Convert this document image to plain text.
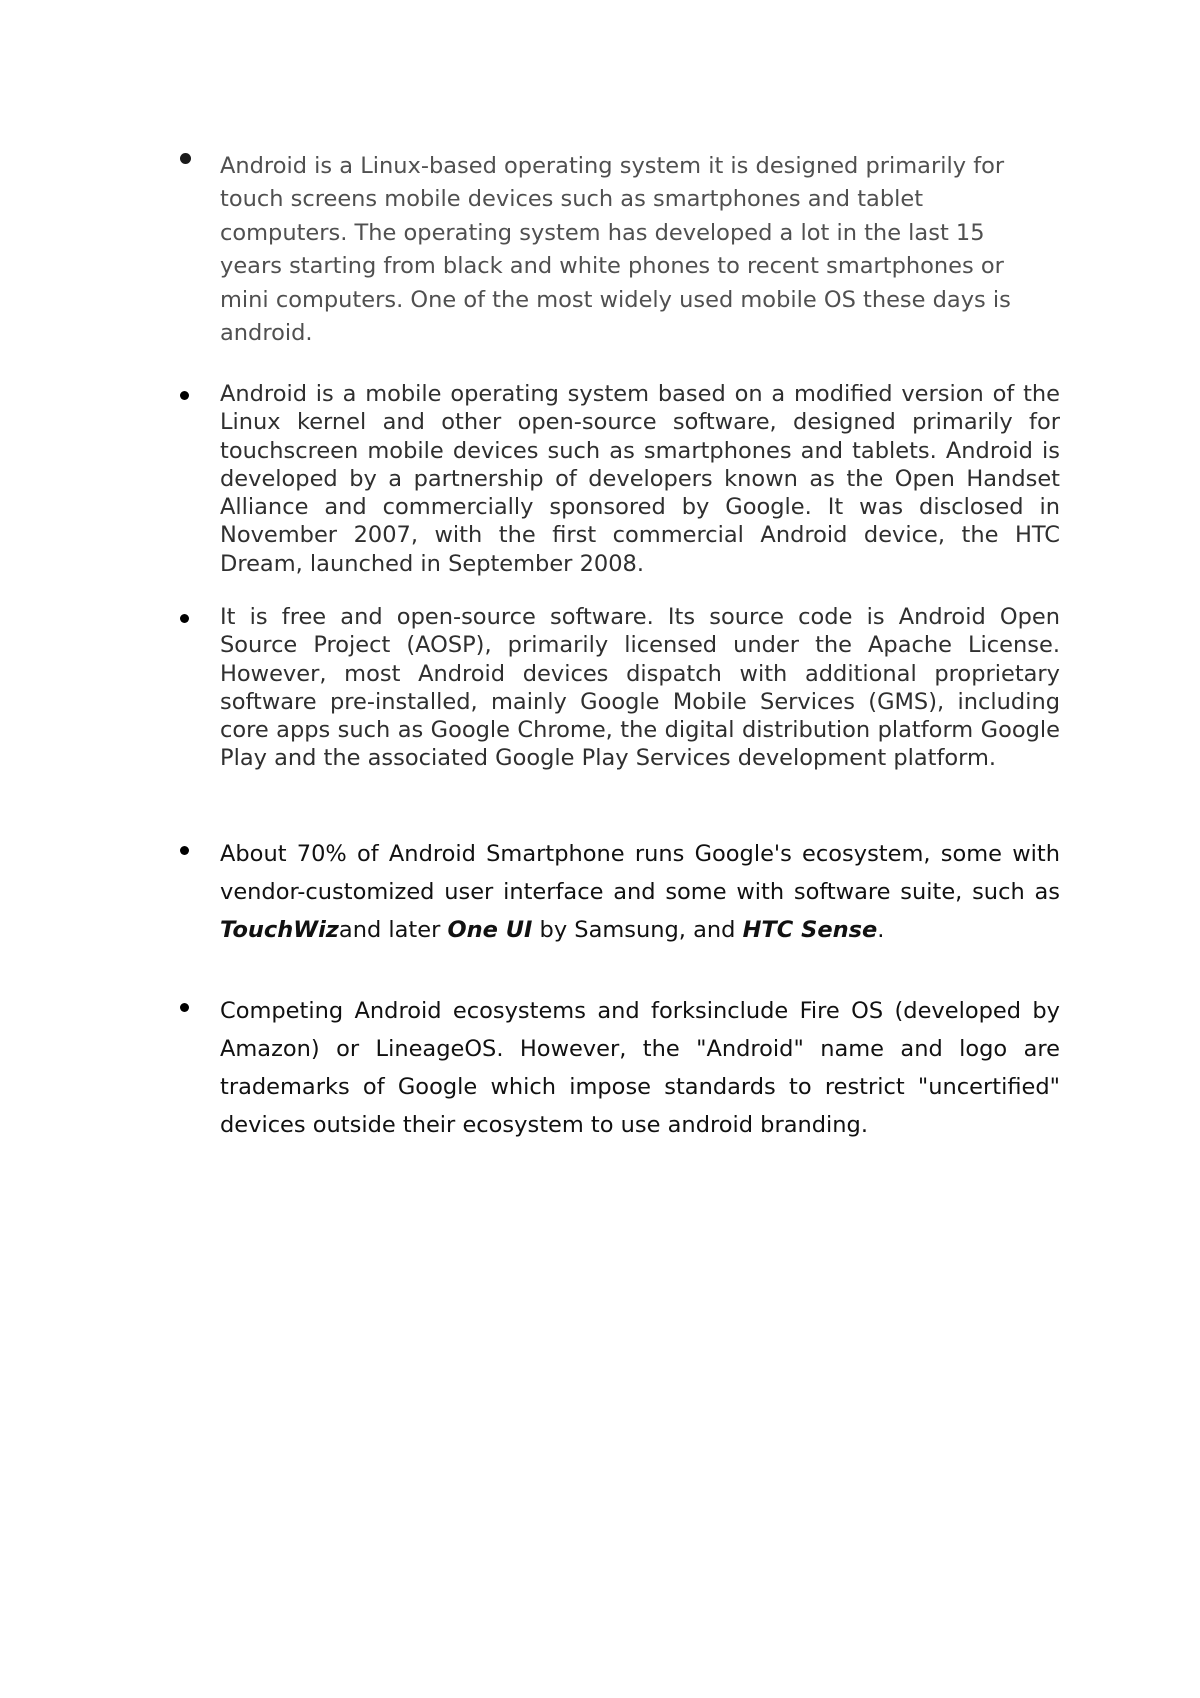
Android is a Linux-based operating system it is designed primarily for touch screens mobile devices such as smartphones and tablet computers. The operating system has developed a lot in the last 15 years starting from black and white phones to recent smartphones or mini computers. One of the most widely used mobile OS these days is android.
Android is a mobile operating system based on a modified version of the Linux kernel and other open-source software, designed primarily for touchscreen mobile devices such as smartphones and tablets. Android is developed by a partnership of developers known as the Open Handset Alliance and commercially sponsored by Google. It was disclosed in November 2007, with the first commercial Android device, the HTC Dream, launched in September 2008.
It is free and open-source software. Its source code is Android Open Source Project (AOSP), primarily licensed under the Apache License. However, most Android devices dispatch with additional proprietary software pre-installed, mainly Google Mobile Services (GMS), including core apps such as Google Chrome, the digital distribution platform Google Play and the associated Google Play Services development platform.
About 70% of Android Smartphone runs Google's ecosystem, some with vendor-customized user interface and some with software suite, such as TouchWizand later One UI by Samsung, and HTC Sense.
Competing Android ecosystems and forksinclude Fire OS (developed by Amazon) or LineageOS. However, the "Android" name and logo are trademarks of Google which impose standards to restrict "uncertified" devices outside their ecosystem to use android branding.
